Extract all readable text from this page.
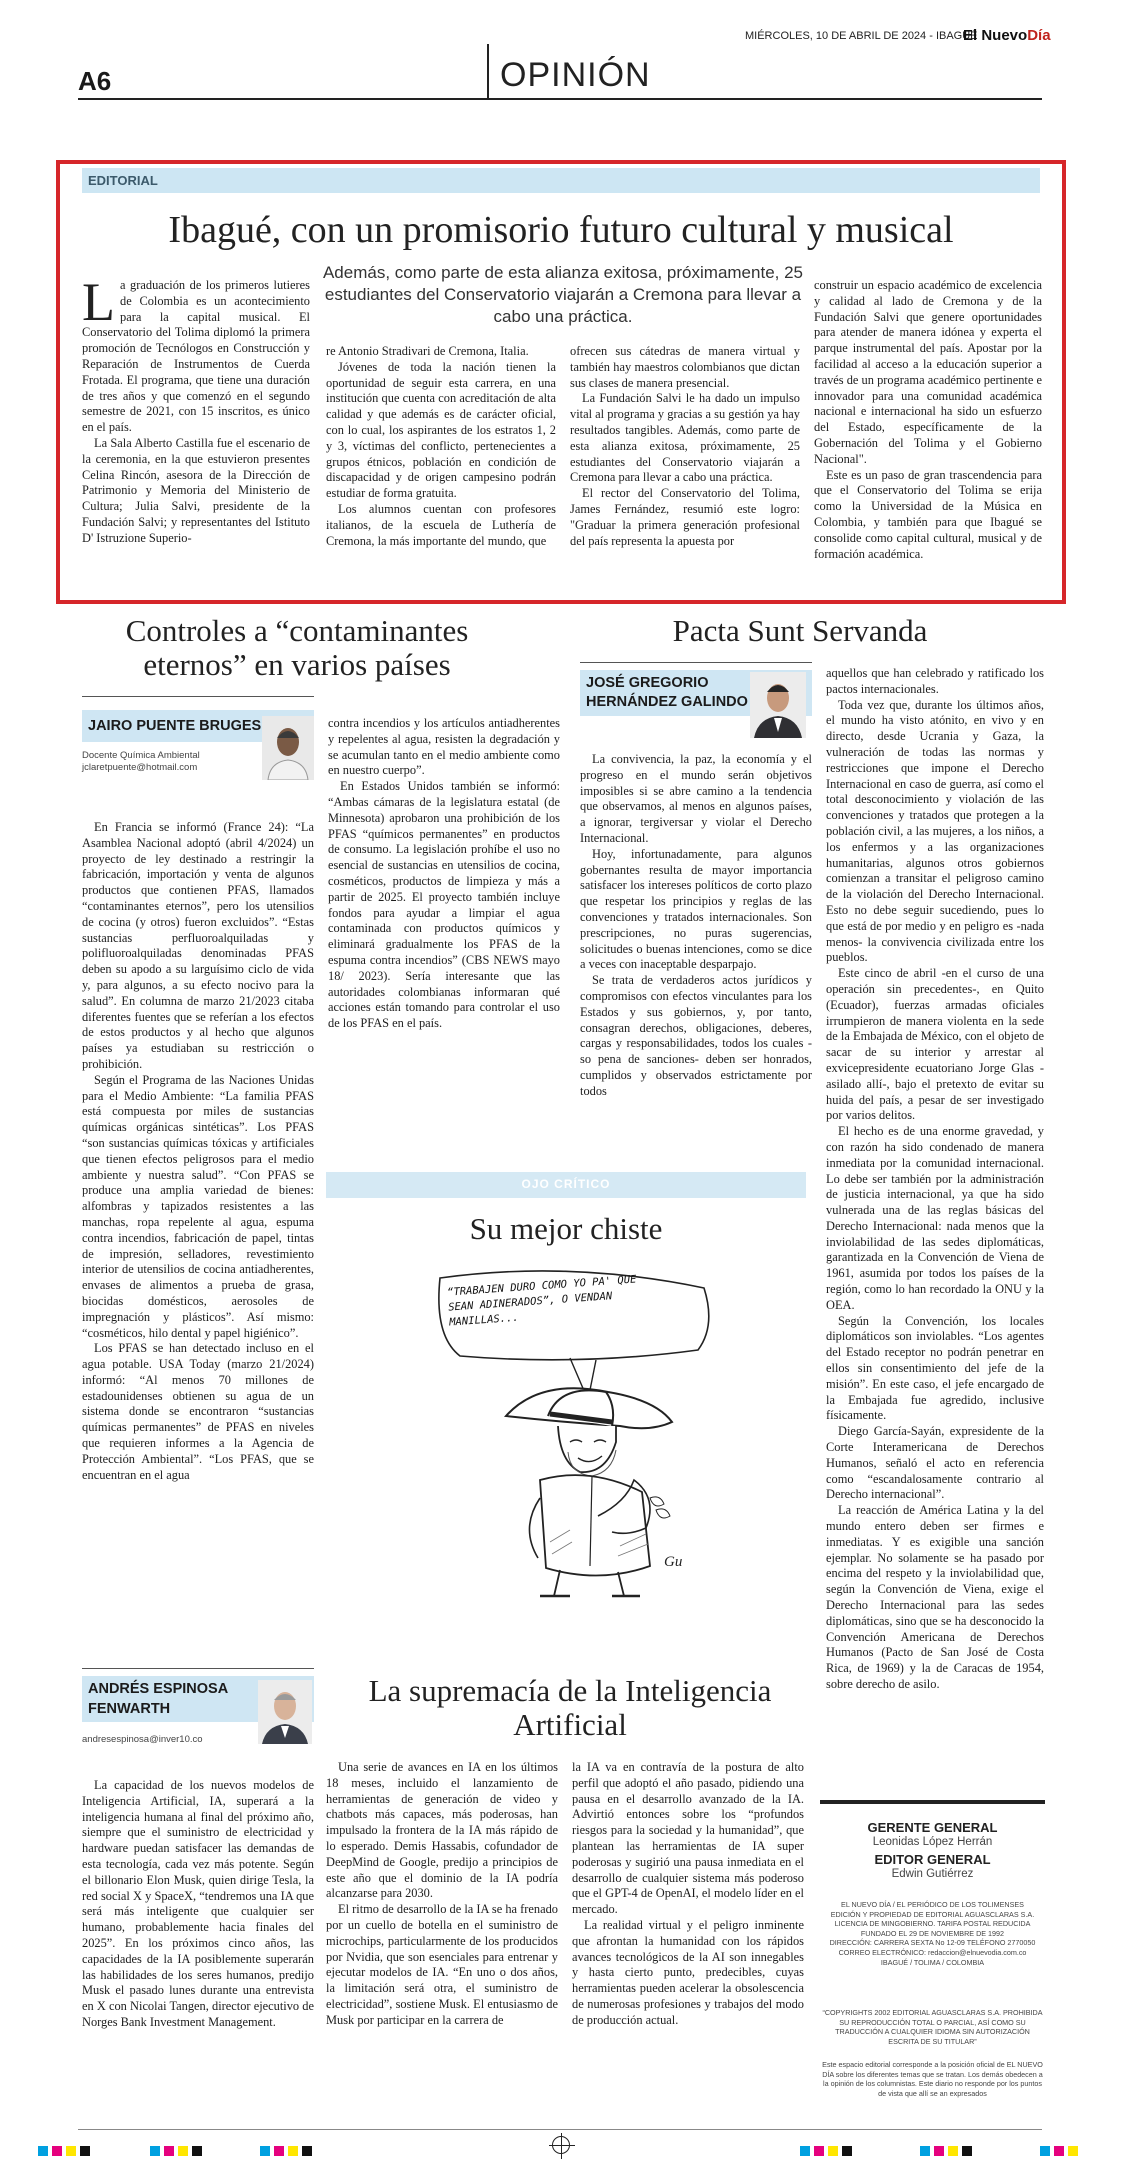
MIÉRCOLES, 10 DE ABRIL DE 2024 - IBAGUÉ
El NuevoDía
A6	OPINIÓN
EDITORIAL
Ibagué, con un promisorio futuro cultural y musical
Además, como parte de esta alianza exitosa, próximamente, 25 estudiantes del Conservatorio viajarán a Cremona para llevar a cabo una práctica.
L a graduación de los primeros lutieres de Colombia es un acontecimiento para la capital musical. El Conservatorio del Tolima diplomó la primera promoción de Tecnólogos en Construcción y Reparación de Instrumentos de Cuerda Frotada. El programa, que tiene una duración de tres años y que comenzó en el segundo semestre de 2021, con 15 inscritos, es único en el país.

La Sala Alberto Castilla fue el escenario de la ceremonia, en la que estuvieron presentes Celina Rincón, asesora de la Dirección de Patrimonio y Memoria del Ministerio de Cultura; Julia Salvi, presidente de la Fundación Salvi; y representantes del Istituto D' Istruzione Superio-

re Antonio Stradivari de Cremona, Italia.

Jóvenes de toda la nación tienen la oportunidad de seguir esta carrera, en una institución que cuenta con acreditación de alta calidad y que además es de carácter oficial, con lo cual, los aspirantes de los estratos 1, 2 y 3, víctimas del conflicto, pertenecientes a grupos étnicos, población en condición de discapacidad y de origen campesino podrán estudiar de forma gratuita.

Los alumnos cuentan con profesores italianos, de la escuela de Luthería de Cremona, la más importante del mundo, que

ofrecen sus cátedras de manera virtual y también hay maestros colombianos que dictan sus clases de manera presencial.

La Fundación Salvi le ha dado un impulso vital al programa y gracias a su gestión ya hay resultados tangibles. Además, como parte de esta alianza exitosa, próximamente, 25 estudiantes del Conservatorio viajarán a Cremona para llevar a cabo una práctica.

El rector del Conservatorio del Tolima, James Fernández, resumió este logro: "Graduar la primera generación profesional del país representa la apuesta por

construir un espacio académico de excelencia y calidad al lado de Cremona y de la Fundación Salvi que genere oportunidades para atender de manera idónea y experta el parque instrumental del país. Apostar por la facilidad al acceso a la educación superior a través de un programa académico pertinente e innovador para una comunidad académica nacional e internacional ha sido un esfuerzo del Estado, específicamente de la Gobernación del Tolima y el Gobierno Nacional".

Este es un paso de gran trascendencia para que el Conservatorio del Tolima se erija como la Universidad de la Música en Colombia, y también para que Ibagué se consolide como capital cultural, musical y de formación académica.

Controles a “contaminantes eternos” en varios países
JAIRO PUENTE BRUGES
Docente Química Ambiental
jclaretpuente@hotmail.com

En Francia se informó (France 24): “La Asamblea Nacional adoptó (abril 4/2024) un proyecto de ley destinado a restringir la fabricación, importación y venta de algunos productos que contienen PFAS, llamados “contaminantes eternos”, pero los utensilios de cocina (y otros) fueron excluidos”. “Estas sustancias perfluoroalquiladas y polifluoroalquiladas denominadas PFAS deben su apodo a su larguísimo ciclo de vida y, para algunos, a su efecto nocivo para la salud”. En columna de marzo 21/2023 citaba diferentes fuentes que se referían a los efectos de estos productos y al hecho que algunos países ya estudiaban su restricción o prohibición.

Según el Programa de las Naciones Unidas para el Medio Ambiente: “La familia PFAS está compuesta por miles de sustancias químicas orgánicas sintéticas”. Los PFAS “son sustancias químicas tóxicas y artificiales que tienen efectos peligrosos para el medio ambiente y nuestra salud”. “Con PFAS se produce una amplia variedad de bienes: alfombras y tapizados resistentes a las manchas, ropa repelente al agua, espuma contra incendios, fabricación de papel, tintas de impresión, selladores, revestimiento interior de utensilios de cocina antiadherentes, envases de alimentos a prueba de grasa, biocidas domésticos, aerosoles de impregnación y plásticos”. Así mismo: “cosméticos, hilo dental y papel higiénico”.

Los PFAS se han detectado incluso en el agua potable. USA Today (marzo 21/2024) informó: “Al menos 70 millones de estadounidenses obtienen su agua de un sistema donde se encontraron “sustancias químicas permanentes” de PFAS en niveles que requieren informes a la Agencia de Protección Ambiental”. “Los PFAS, que se encuentran en el agua

contra incendios y los artículos antiadherentes y repelentes al agua, resisten la degradación y se acumulan tanto en el medio ambiente como en nuestro cuerpo”.

En Estados Unidos también se informó: “Ambas cámaras de la legislatura estatal (de Minnesota) aprobaron una prohibición de los PFAS “químicos permanentes” en productos de consumo. La legislación prohíbe el uso no esencial de sustancias en utensilios de cocina, cosméticos, productos de limpieza y más a partir de 2025. El proyecto también incluye fondos para ayudar a limpiar el agua contaminada con productos químicos y eliminará gradualmente los PFAS de la espuma contra incendios” (CBS NEWS mayo 18/ 2023). Sería interesante que las autoridades colombianas informaran qué acciones están tomando para controlar el uso de los PFAS en el país.

Pacta Sunt Servanda
JOSÉ GREGORIO
HERNÁNDEZ GALINDO

La convivencia, la paz, la economía y el progreso en el mundo serán objetivos imposibles si se abre camino a la tendencia que observamos, al menos en algunos países, a ignorar, tergiversar y violar el Derecho Internacional.

Hoy, infortunadamente, para algunos gobernantes resulta de mayor importancia satisfacer los intereses políticos de corto plazo que respetar los principios y reglas de las convenciones y tratados internacionales. Son prescripciones, no puras sugerencias, solicitudes o buenas intenciones, como se dice a veces con inaceptable desparpajo.

Se trata de verdaderos actos jurídicos y compromisos con efectos vinculantes para los Estados y sus gobiernos, y, por tanto, consagran derechos, obligaciones, deberes, cargas y responsabilidades, todos los cuales -so pena de sanciones- deben ser honrados, cumplidos y observados estrictamente por todos

aquellos que han celebrado y ratificado los pactos internacionales.

Toda vez que, durante los últimos años, el mundo ha visto atónito, en vivo y en directo, desde Ucrania y Gaza, la vulneración de todas las normas y restricciones que impone el Derecho Internacional en caso de guerra, así como el total desconocimiento y violación de las convenciones y tratados que protegen a la población civil, a las mujeres, a los niños, a los enfermos y a las organizaciones humanitarias, algunos otros gobiernos comienzan a transitar el peligroso camino de la violación del Derecho Internacional. Esto no debe seguir sucediendo, pues lo que está de por medio y en peligro es -nada menos- la convivencia civilizada entre los pueblos.

Este cinco de abril -en el curso de una operación sin precedentes-, en Quito (Ecuador), fuerzas armadas oficiales irrumpieron de manera violenta en la sede de la Embajada de México, con el objeto de sacar de su interior y arrestar al exvicepresidente ecuatoriano Jorge Glas -asilado allí-, bajo el pretexto de evitar su huida del país, a pesar de ser investigado por varios delitos.

El hecho es de una enorme gravedad, y con razón ha sido condenado de manera inmediata por la comunidad internacional. Lo debe ser también por la administración de justicia internacional, ya que ha sido vulnerada una de las reglas básicas del Derecho Internacional: nada menos que la inviolabilidad de las sedes diplomáticas, garantizada en la Convención de Viena de 1961, asumida por todos los países de la región, como lo han recordado la ONU y la OEA.

Según la Convención, los locales diplomáticos son inviolables. “Los agentes del Estado receptor no podrán penetrar en ellos sin consentimiento del jefe de la misión”. En este caso, el jefe encargado de la Embajada fue agredido, inclusive físicamente.

Diego García-Sayán, expresidente de la Corte Interamericana de Derechos Humanos, señaló el acto en referencia como “escandalosamente contrario al Derecho internacional”.

La reacción de América Latina y la del mundo entero deben ser firmes e inmediatas. Y es exigible una sanción ejemplar. No solamente se ha pasado por encima del respeto y la inviolabilidad que, según la Convención de Viena, exige el Derecho Internacional para las sedes diplomáticas, sino que se ha desconocido la Convención Americana de Derechos Humanos (Pacto de San José de Costa Rica, de 1969) y la de Caracas de 1954, sobre derecho de asilo.

OJO CRÍTICO
Su mejor chiste
Gu
“TRABAJEN DURO COMO YO PA' QUE SEAN ADINERADOS”, O VENDAN MANILLAS...
La supremacía de la Inteligencia Artificial
ANDRÉS ESPINOSA
FENWARTH
andresespinosa@inver10.co

La capacidad de los nuevos modelos de Inteligencia Artificial, IA, superará a la inteligencia humana al final del próximo año, siempre que el suministro de electricidad y hardware puedan satisfacer las demandas de esta tecnología, cada vez más potente. Según el billonario Elon Musk, quien dirige Tesla, la red social X y SpaceX, “tendremos una IA que será más inteligente que cualquier ser humano, probablemente hacia finales del 2025”. En los próximos cinco años, las capacidades de la IA posiblemente superarán las habilidades de los seres humanos, predijo Musk el pasado lunes durante una entrevista en X con Nicolai Tangen, director ejecutivo de Norges Bank Investment Management.

Una serie de avances en IA en los últimos 18 meses, incluido el lanzamiento de herramientas de generación de video y chatbots más capaces, más poderosas, han impulsado la frontera de la IA más rápido de lo esperado. Demis Hassabis, cofundador de DeepMind de Google, predijo a principios de este año que el dominio de la IA podría alcanzarse para 2030.

El ritmo de desarrollo de la IA se ha frenado por un cuello de botella en el suministro de microchips, particularmente de los producidos por Nvidia, que son esenciales para entrenar y ejecutar modelos de IA. “En uno o dos años, la limitación será otra, el suministro de electricidad”, sostiene Musk. El entusiasmo de Musk por participar en la carrera de

la IA va en contravía de la postura de alto perfil que adoptó el año pasado, pidiendo una pausa en el desarrollo avanzado de la IA. Advirtió entonces sobre los “profundos riesgos para la sociedad y la humanidad”, que plantean las herramientas de IA super poderosas y sugirió una pausa inmediata en el desarrollo de cualquier sistema más poderoso que el GPT-4 de OpenAI, el modelo líder en el mercado.

La realidad virtual y el peligro inminente que afrontan la humanidad con los rápidos avances tecnológicos de la AI son innegables y hasta cierto punto, predecibles, cuyas herramientas pueden acelerar la obsolescencia de numerosas profesiones y trabajos del modo de producción actual.

GERENTE GENERAL
Leonidas López Herrán
EDITOR GENERAL
Edwin Gutiérrez
EL NUEVO DÍA / EL PERIÓDICO DE LOS TOLIMENSES
EDICIÓN Y PROPIEDAD DE EDITORIAL AGUASCLARAS S.A.
LICENCIA DE MINGOBIERNO. TARIFA POSTAL REDUCIDA
FUNDADO EL 29 DE NOVIEMBRE DE 1992
DIRECCIÓN: CARRERA SEXTA No 12-09 TELÉFONO 2770050
CORREO ELECTRÓNICO: redaccion@elnuevodia.com.co
IBAGUÉ / TOLIMA / COLOMBIA
“COPYRIGHTS 2002 EDITORIAL AGUASCLARAS S.A. PROHIBIDA SU REPRODUCCIÓN TOTAL O PARCIAL, ASÍ COMO SU TRADUCCIÓN A CUALQUIER IDIOMA SIN AUTORIZACIÓN ESCRITA DE SU TITULAR”
Este espacio editorial corresponde a la posición oficial de EL NUEVO DÍA sobre los diferentes temas que se tratan. Los demás obedecen a la opinión de los columnistas. Este diario no responde por los puntos de vista que allí se an expresados
